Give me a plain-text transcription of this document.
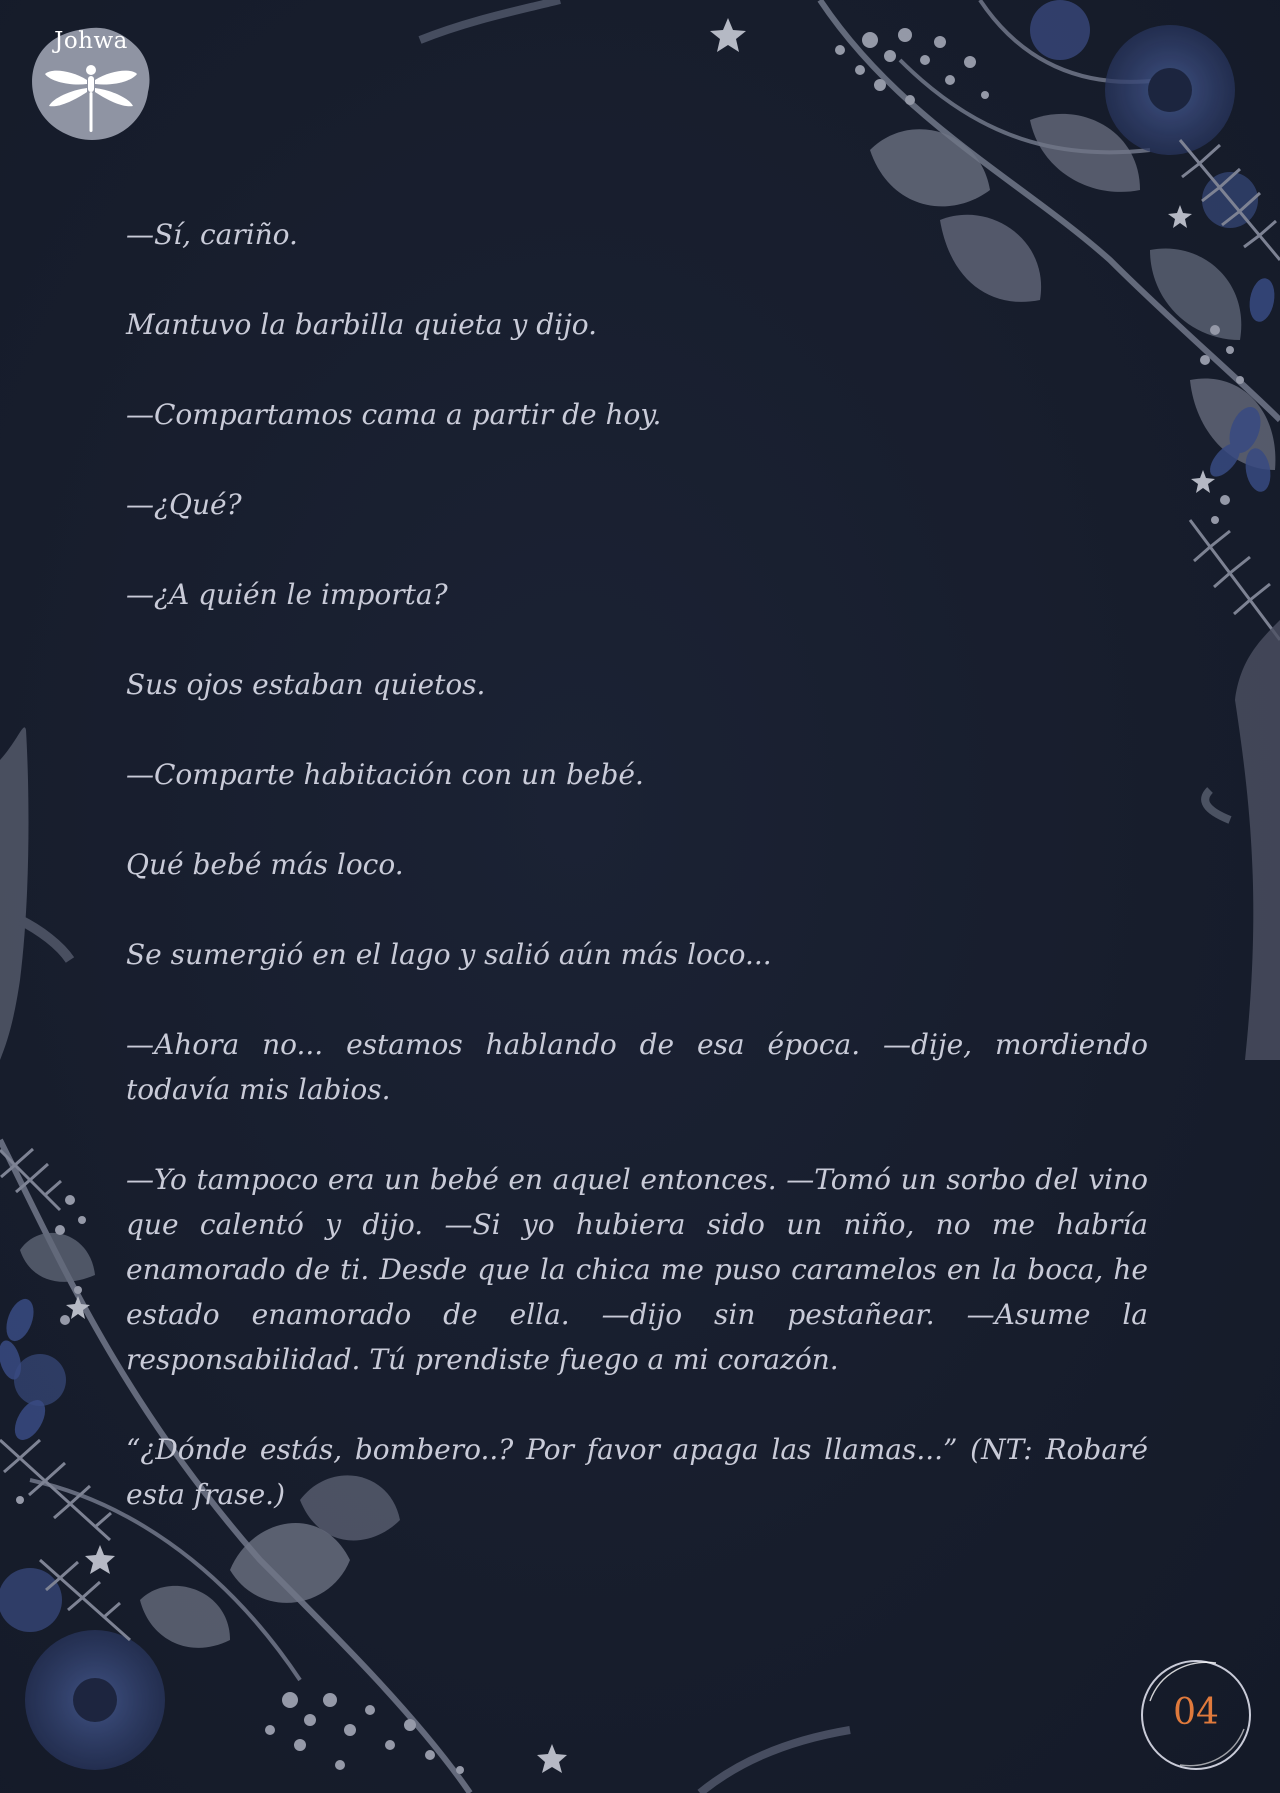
Johwa

—Sí, cariño.

Mantuvo la barbilla quieta y dijo.

—Compartamos cama a partir de hoy.

—¿Qué?

—¿A quién le importa?

Sus ojos estaban quietos.

—Comparte habitación con un bebé.

Qué bebé más loco.

Se sumergió en el lago y salió aún más loco...

—Ahora no... estamos hablando de esa época. —dije, mordiendo todavía mis labios.

—Yo tampoco era un bebé en aquel entonces. —Tomó un sorbo del vino que calentó y dijo. —Si yo hubiera sido un niño, no me habría enamorado de ti. Desde que la chica me puso caramelos en la boca, he estado enamorado de ella. —dijo sin pestañear. —Asume la responsabilidad. Tú prendiste fuego a mi corazón.

“¿Dónde estás, bombero..? Por favor apaga las llamas...” (NT: Robaré esta frase.)

04
